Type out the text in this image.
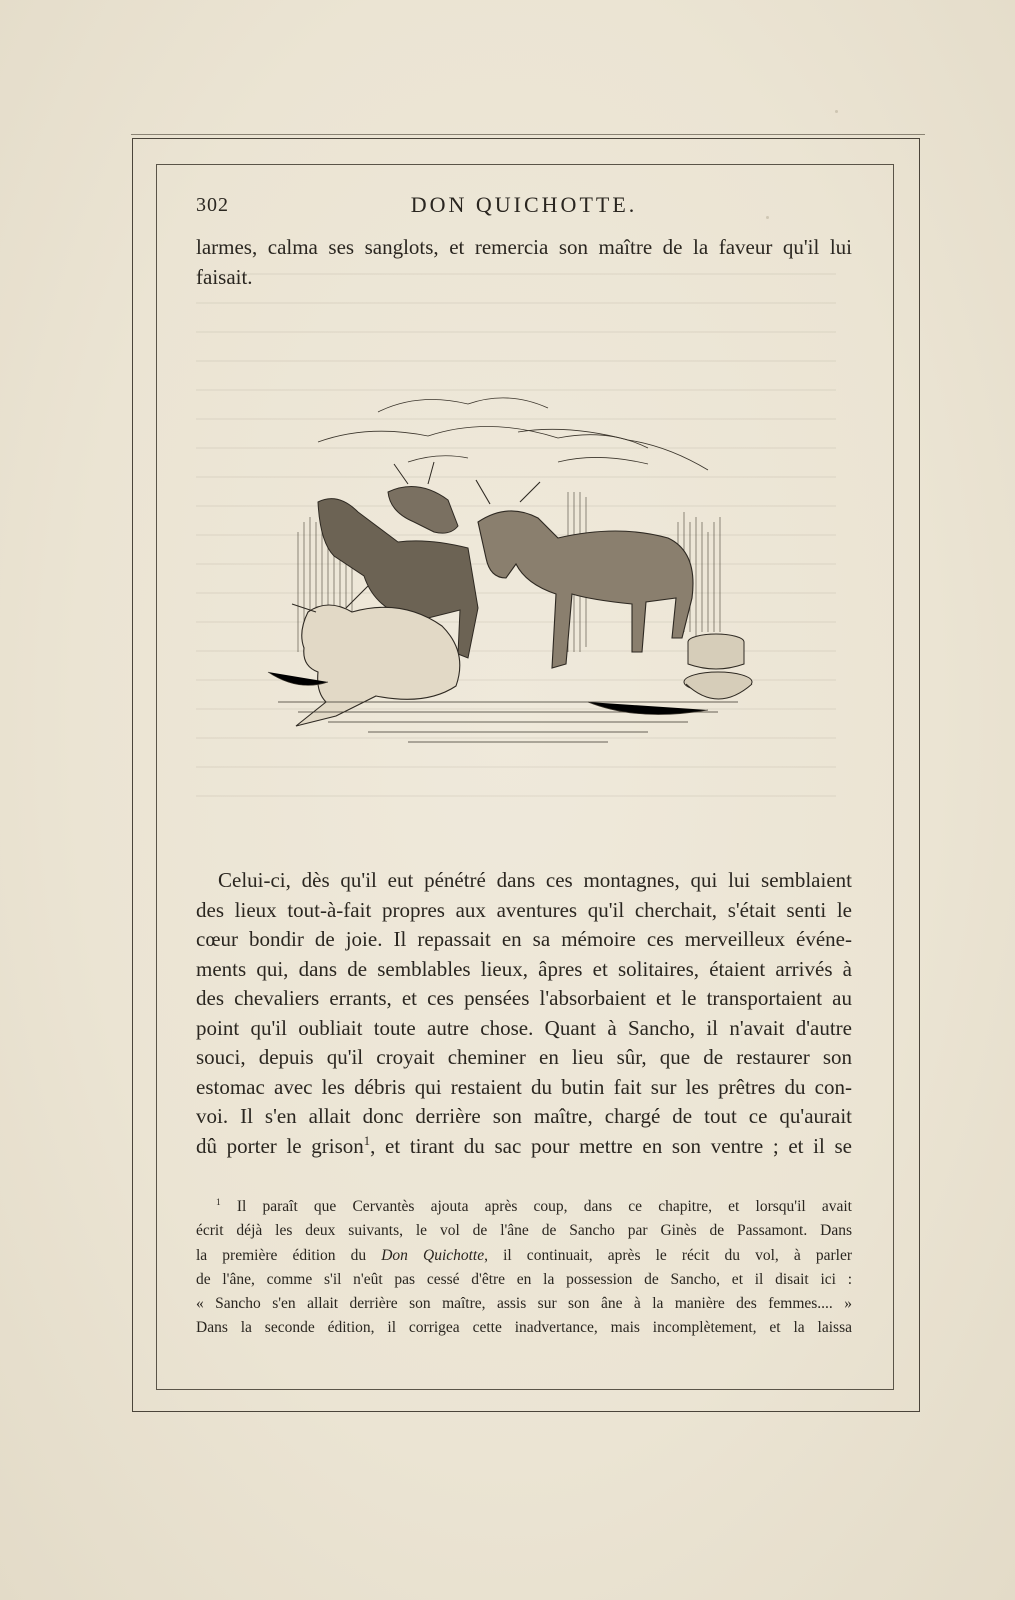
302	DON QUICHOTTE.
larmes, calma ses sanglots, et remercia son maître de la faveur qu'il lui
faisait.
Celui-ci, dès qu'il eut pénétré dans ces montagnes, qui lui semblaient
des lieux tout-à-fait propres aux aventures qu'il cherchait, s'était senti le
cœur bondir de joie. Il repassait en sa mémoire ces merveilleux événe-
ments qui, dans de semblables lieux, âpres et solitaires, étaient arrivés à
des chevaliers errants, et ces pensées l'absorbaient et le transportaient au
point qu'il oubliait toute autre chose. Quant à Sancho, il n'avait d'autre
souci, depuis qu'il croyait cheminer en lieu sûr, que de restaurer son
estomac avec les débris qui restaient du butin fait sur les prêtres du con-
voi. Il s'en allait donc derrière son maître, chargé de tout ce qu'aurait
dû porter le grison$^1$, et tirant du sac pour mettre en son ventre ; et il se
$^1$ Il paraît que Cervantès ajouta après coup, dans ce chapitre, et lorsqu'il avait
écrit déjà les deux suivants, le vol de l'âne de Sancho par Ginès de Passamont. Dans
la première édition du Don Quichotte, il continuait, après le récit du vol, à parler
de l'âne, comme s'il n'eût pas cessé d'être en la possession de Sancho, et il disait ici :
« Sancho s'en allait derrière son maître, assis sur son âne à la manière des femmes.... »
Dans la seconde édition, il corrigea cette inadvertance, mais incomplètement, et la laissa
